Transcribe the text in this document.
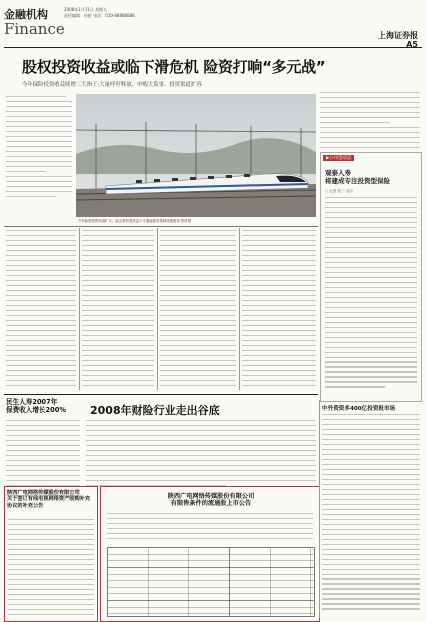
金融机构
Finance
2008年1月11日 星期五
责任编辑：孙虹 电话：010-88888888
上海证券报
A5
股权投资收益或临下滑危机 险资打响“多元战”
今年保险投资收益续增三大指子:大量呼吁释放、申购大监事、投资渠道扩容
今年险资投资渠道扩大，险企将有望获益于交通能源类基础设施建设 资料图
▶公司金动态
观泰人寿
将建成专注投资型保险
○ 记者 张三 北京
中外资资多400亿投资报市场
民生人寿2007年
保费收入增长200%	2008年财险行业走出谷底
陕西广电网络传媒股份有限公司
关于签订有线电视网络资产收购补充协议的补充公告
陕西广电网络传媒股份有限公司
有限售条件的流通股上市公告
